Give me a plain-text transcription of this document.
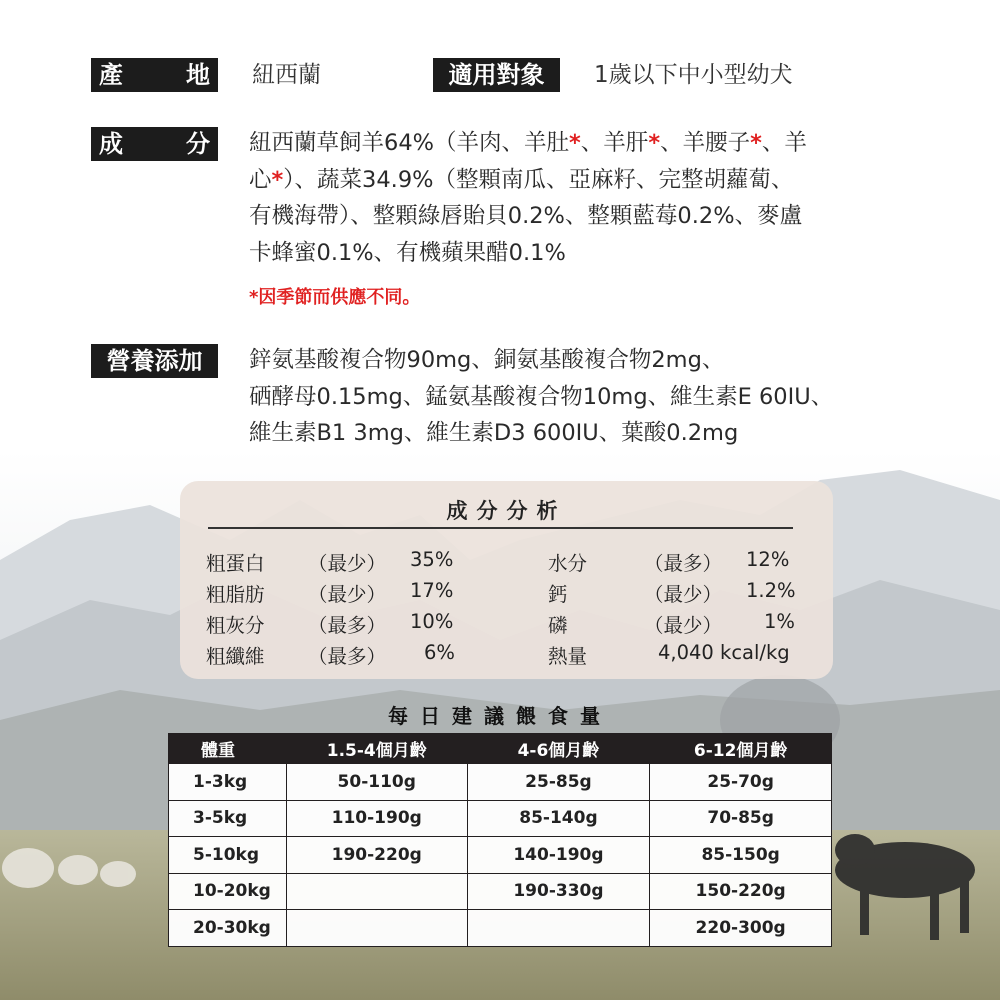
產	地 紐西蘭	適用對象 1歲以下中小型幼犬
成	分 紐西蘭草飼羊64%（羊肉、羊肚*、羊肝*、羊腰子*、羊
心*）、蔬菜34.9%（整顆南瓜、亞麻籽、完整胡蘿蔔、
有機海帶）、整顆綠唇貽貝0.2%、整顆藍莓0.2%、麥盧
卡蜂蜜0.1%、有機蘋果醋0.1%
*因季節而供應不同。
營養添加 鋅氨基酸複合物90mg、銅氨基酸複合物2mg、
硒酵母0.15mg、錳氨基酸複合物10mg、維生素E 60IU、
維生素B1 3mg、維生素D3 600IU、葉酸0.2mg
成分分析
粗蛋白 （最少） 35%
粗脂肪 （最少） 17%
粗灰分 （最多） 10%
粗纖維 （最多） 6%
水分	（最多） 12%
鈣	（最少） 1.2%
磷	（最少） 1%
熱量	4,040 kcal/kg
每日建議餵食量
體重	1.5-4個月齡	4-6個月齡	6-12個月齡
1-3kg	50-110g	25-85g	25-70g
3-5kg	110-190g	85-140g	70-85g
5-10kg	190-220g	140-190g	85-150g
10-20kg		190-330g	150-220g
20-30kg			220-300g
